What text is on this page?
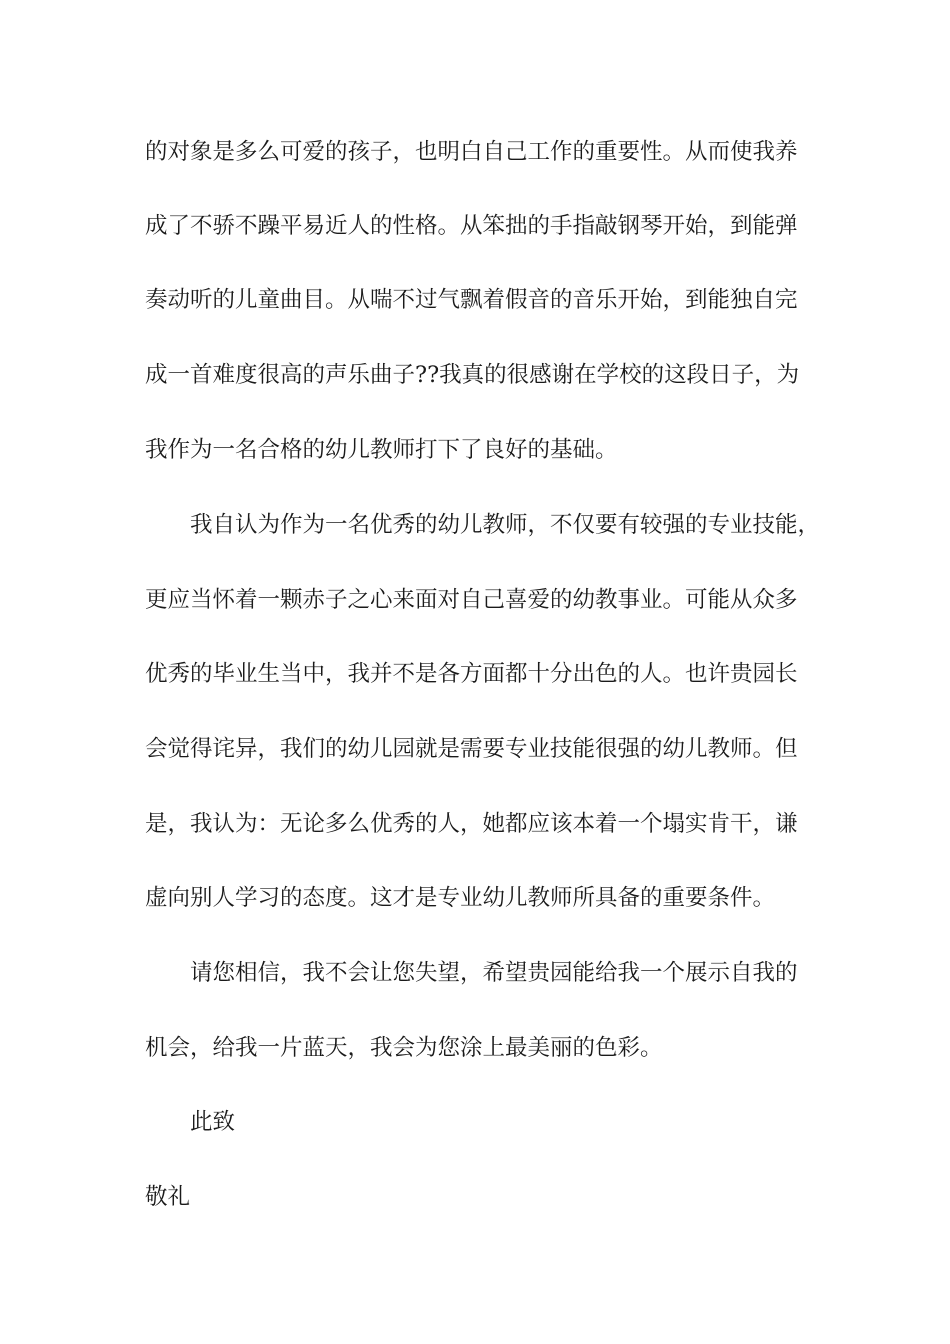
的对象是多么可爱的孩子，也明白自己工作的重要性。从而使我养
成了不骄不躁平易近人的性格。从笨拙的手指敲钢琴开始，到能弹
奏动听的儿童曲目。从喘不过气飘着假音的音乐开始，到能独自完
成一首难度很高的声乐曲子??我真的很感谢在学校的这段日子，为
我作为一名合格的幼儿教师打下了良好的基础。
我自认为作为一名优秀的幼儿教师，不仅要有较强的专业技能，
更应当怀着一颗赤子之心来面对自己喜爱的幼教事业。可能从众多
优秀的毕业生当中，我并不是各方面都十分出色的人。也许贵园长
会觉得诧异，我们的幼儿园就是需要专业技能很强的幼儿教师。但
是，我认为：无论多么优秀的人，她都应该本着一个塌实肯干，谦
虚向别人学习的态度。这才是专业幼儿教师所具备的重要条件。
请您相信，我不会让您失望，希望贵园能给我一个展示自我的
机会，给我一片蓝天，我会为您涂上最美丽的色彩。
此致
敬礼
